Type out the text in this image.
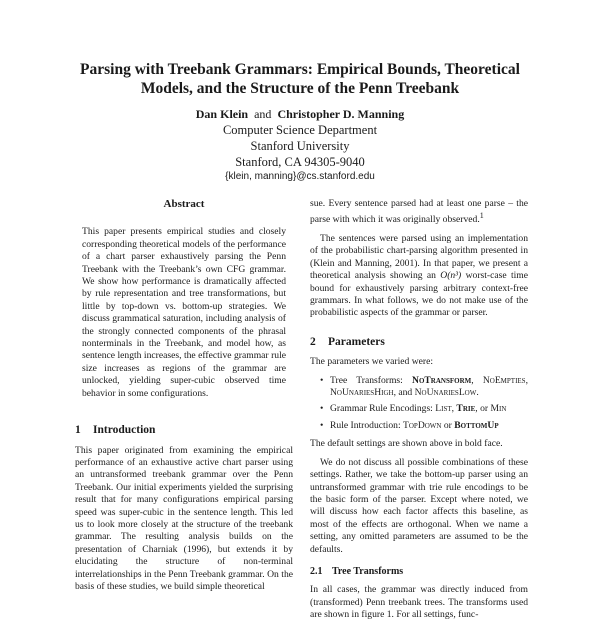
Parsing with Treebank Grammars: Empirical Bounds, Theoretical
Models, and the Structure of the Penn Treebank
Dan Klein and Christopher D. Manning
Computer Science Department
Stanford University
Stanford, CA 94305-9040
{klein, manning}@cs.stanford.edu
Abstract

This paper presents empirical studies and closely corresponding theoretical models of the performance of a chart parser exhaustively parsing the Penn Treebank with the Treebank’s own CFG grammar. We show how performance is dramatically affected by rule representation and tree transformations, but little by top-down vs. bottom-up strategies. We discuss grammatical saturation, including analysis of the strongly connected components of the phrasal nonterminals in the Treebank, and model how, as sentence length increases, the effective grammar rule size increases as regions of the grammar are unlocked, yielding super-cubic observed time behavior in some configurations.

1 Introduction

This paper originated from examining the empirical performance of an exhaustive active chart parser using an untransformed treebank grammar over the Penn Treebank. Our initial experiments yielded the surprising result that for many configurations empirical parsing speed was super-cubic in the sentence length. This led us to look more closely at the structure of the treebank grammar. The resulting analysis builds on the presentation of Charniak (1996), but extends it by elucidating the structure of non-terminal interrelationships in the Penn Treebank grammar. On the basis of these studies, we build simple theoretical

sue. Every sentence parsed had at least one parse – the parse with which it was originally observed.$^1$

The sentences were parsed using an implementation of the probabilistic chart-parsing algorithm presented in (Klein and Manning, 2001). In that paper, we present a theoretical analysis showing an O(n³) worst-case time bound for exhaustively parsing arbitrary context-free grammars. In what follows, we do not make use of the probabilistic aspects of the grammar or parser.

2 Parameters

The parameters we varied were:

• Tree Transforms: NoTransform, NoEmpties, NoUnariesHigh, and NoUnariesLow.
• Grammar Rule Encodings: List, Trie, or Min
• Rule Introduction: TopDown or BottomUp

The default settings are shown above in bold face.

We do not discuss all possible combinations of these settings. Rather, we take the bottom-up parser using an untransformed grammar with trie rule encodings to be the basic form of the parser. Except where noted, we will discuss how each factor affects this baseline, as most of the effects are orthogonal. When we name a setting, any omitted parameters are assumed to be the defaults.

2.1 Tree Transforms

In all cases, the grammar was directly induced from (transformed) Penn treebank trees. The transforms used are shown in figure 1. For all settings, func-
